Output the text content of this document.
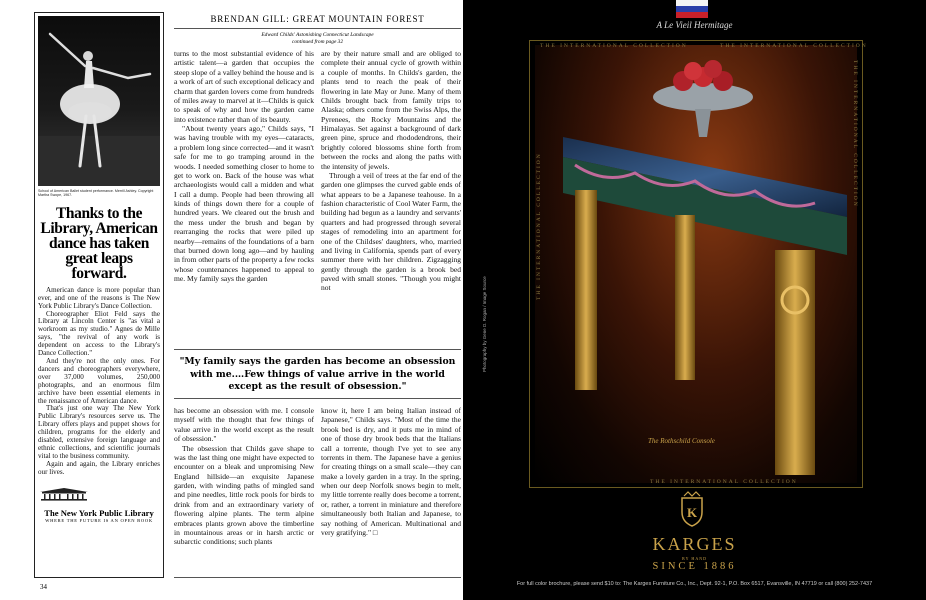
School of American Ballet student performance. Merrill Ashley. Copyright Martha Swope, 1967.
Thanks to the Library, American dance has taken great leaps forward.

American dance is more popular than ever, and one of the reasons is The New York Public Library's Dance Collection.

Choreographer Eliot Feld says the Library at Lincoln Center is "as vital a workroom as my studio." Agnes de Mille says, "the revival of any work is dependent on access to the Library's Dance Collection."

And they're not the only ones. For dancers and choreographers everywhere, over 37,000 volumes, 250,000 photographs, and an enormous film archive have been essential elements in the renaissance of American dance.

That's just one way The New York Public Library's resources serve us. The Library offers plays and puppet shows for children, programs for the elderly and disabled, extensive foreign language and ethnic collections, and scientific journals vital to the business community.

Again and again, the Library enriches our lives.

The New York Public Library
WHERE THE FUTURE IS AN OPEN BOOK
34
BRENDAN GILL: GREAT MOUNTAIN FOREST
Edward Childs' Astonishing Connecticut Landscape
continued from page 32

turns to the most substantial evidence of his artistic talent—a garden that occupies the steep slope of a valley behind the house and is a work of art of such exceptional delicacy and charm that garden lovers come from hundreds of miles away to marvel at it—Childs is quick to speak of why and how the garden came into existence rather than of its beauty.

"About twenty years ago," Childs says, "I was having trouble with my eyes—cataracts, a problem long since corrected—and it wasn't safe for me to go tramping around in the woods. I needed something closer to home to get to work on. Back of the house was what archaeologists would call a midden and what I call a dump. People had been throwing all kinds of things down there for a couple of hundred years. We cleared out the brush and the mess under the brush and began by rearranging the rocks that were piled up nearby—remains of the foundations of a barn that burned down long ago—and by hauling in from other parts of the property a few rocks whose countenances happened to appeal to me. My family says the garden

are by their nature small and are obliged to complete their annual cycle of growth within a couple of months. In Childs's garden, the plants tend to reach the peak of their flowering in late May or June. Many of them Childs brought back from family trips to Alaska; others come from the Swiss Alps, the Pyrenees, the Rocky Mountains and the Himalayas. Set against a background of dark green pine, spruce and rhododendrons, their brightly colored blossoms shine forth from between the rocks and along the paths with the intensity of jewels.

Through a veil of trees at the far end of the garden one glimpses the curved gable ends of what appears to be a Japanese teahouse. In a fashion characteristic of Cool Water Farm, the building had begun as a laundry and servants' quarters and had progressed through several stages of remodeling into an apartment for one of the Childses' daughters, who, married and living in California, spends part of every summer there with her children. Zigzagging gently through the garden is a brook bed paved with small stones. "Though you might not

"My family says the garden has become an obsession with me.…Few things of value arrive in the world except as the result of obsession."

has become an obsession with me. I console myself with the thought that few things of value arrive in the world except as the result of obsession."

The obsession that Childs gave shape to was the last thing one might have expected to encounter on a bleak and unpromising New England hillside—an exquisite Japanese garden, with winding paths of mingled sand and pine needles, little rock pools for birds to drink from and an extraordinary variety of flowering alpine plants. The term alpine embraces plants grown above the timberline in mountainous areas or in harsh arctic or subarctic conditions; such plants

know it, here I am being Italian instead of Japanese," Childs says. "Most of the time the brook bed is dry, and it puts me in mind of one of those dry brook beds that the Italians call a torrente, though I've yet to see any torrents in them. The Japanese have a genius for creating things on a small scale—they can make a lovely garden in a tray. In the spring, when our deep Norfolk snows begin to melt, my little torrente really does become a torrent, or, rather, a torrent in miniature and therefore simultaneously both Italian and Japanese, to say nothing of American. Multinational and very gratifying." □

A Le Vieil Hermitage
THE INTERNATIONAL COLLECTION	THE INTERNATIONAL COLLECTION
THE INTERNATIONAL COLLECTION
THE INTERNATIONAL COLLECTION
THE INTERNATIONAL COLLECTION
The Rothschild Console
Photography by Gene D. Rogan / Image Source
K
KARGES
BY HAND
SINCE 1886
For full color brochure, please send $10 to: The Karges Furniture Co., Inc., Dept. 92-1, P.O. Box 6517, Evansville, IN 47719 or call (800) 252-7437
